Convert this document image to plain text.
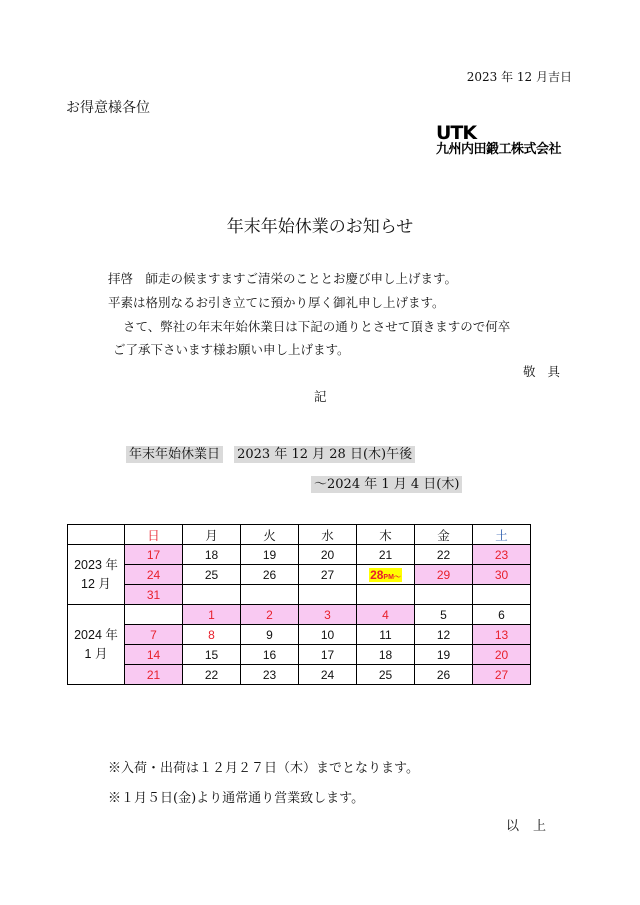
2023 年 12 月吉日
お得意様各位
UTK
九州内田鍛工株式会社
年末年始休業のお知らせ
拝啓　師走の候ますますご清栄のこととお慶び申し上げます。
平素は格別なるお引き立てに預かり厚く御礼申し上げます。
さて、弊社の年末年始休業日は下記の通りとさせて頂きますので何卒
ご了承下さいます様お願い申し上げます。
敬具
記
年末年始休業日 2023 年 12 月 28 日(木)午後
～2024 年 1 月 4 日(木)
	日	月	火	水	木	金	土
2023 年
12 月	17	18	19	20	21	22	23
	24	25	26	27	28PM～	29	30
	31						
2024 年
1 月		1	2	3	4	5	6
	7	8	9	10	11	12	13
	14	15	16	17	18	19	20
	21	22	23	24	25	26	27
※入荷・出荷は１２月２７日（木）までとなります。
※１月５日(金)より通常通り営業致します。
以上
